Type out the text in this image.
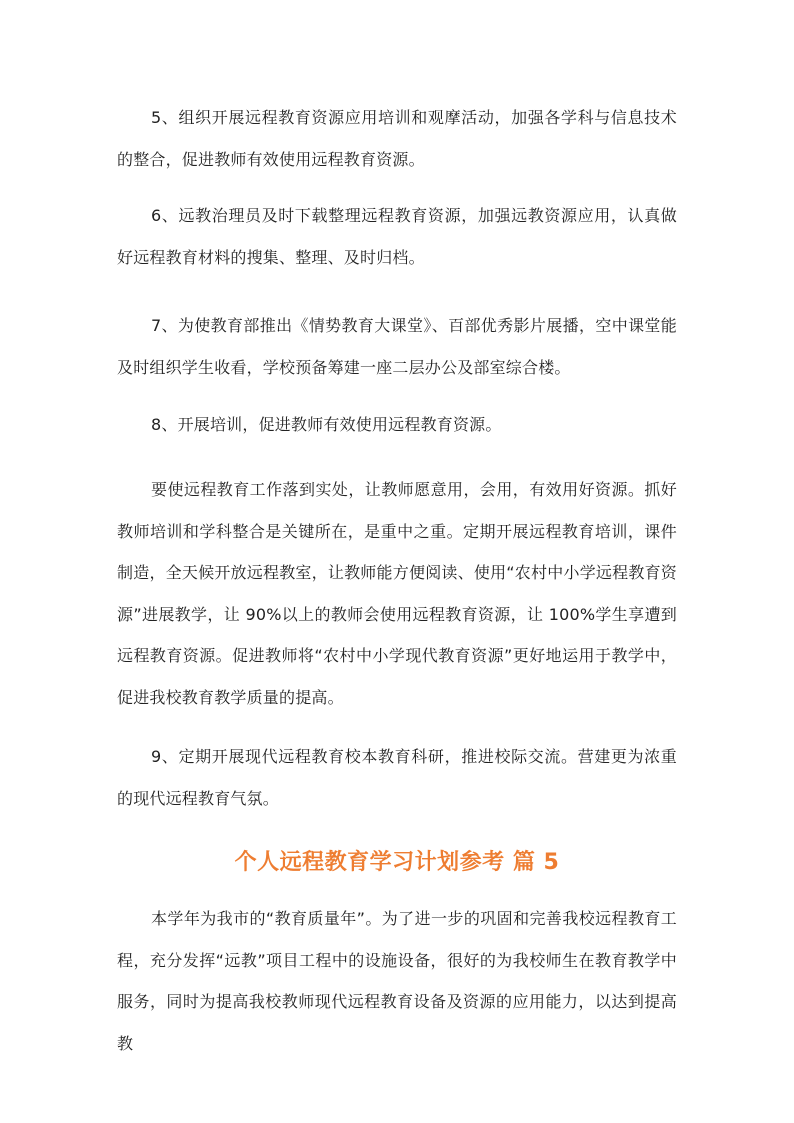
5、组织开展远程教育资源应用培训和观摩活动，加强各学科与信息技术的整合，促进教师有效使用远程教育资源。

6、远教治理员及时下载整理远程教育资源，加强远教资源应用，认真做好远程教育材料的搜集、整理、及时归档。

7、为使教育部推出《情势教育大课堂》、百部优秀影片展播，空中课堂能及时组织学生收看，学校预备筹建一座二层办公及部室综合楼。

8、开展培训，促进教师有效使用远程教育资源。

要使远程教育工作落到实处，让教师愿意用，会用，有效用好资源。抓好教师培训和学科整合是关键所在，是重中之重。定期开展远程教育培训，课件制造，全天候开放远程教室，让教师能方便阅读、使用“农村中小学远程教育资源”进展教学，让 90%以上的教师会使用远程教育资源，让 100%学生享遭到远程教育资源。促进教师将“农村中小学现代教育资源”更好地运用于教学中，促进我校教育教学质量的提高。

9、定期开展现代远程教育校本教育科研，推进校际交流。营建更为浓重的现代远程教育气氛。

个人远程教育学习计划参考 篇 5

本学年为我市的“教育质量年”。为了进一步的巩固和完善我校远程教育工程，充分发挥“远教”项目工程中的设施设备，很好的为我校师生在教育教学中服务，同时为提高我校教师现代远程教育设备及资源的应用能力，以达到提高教
